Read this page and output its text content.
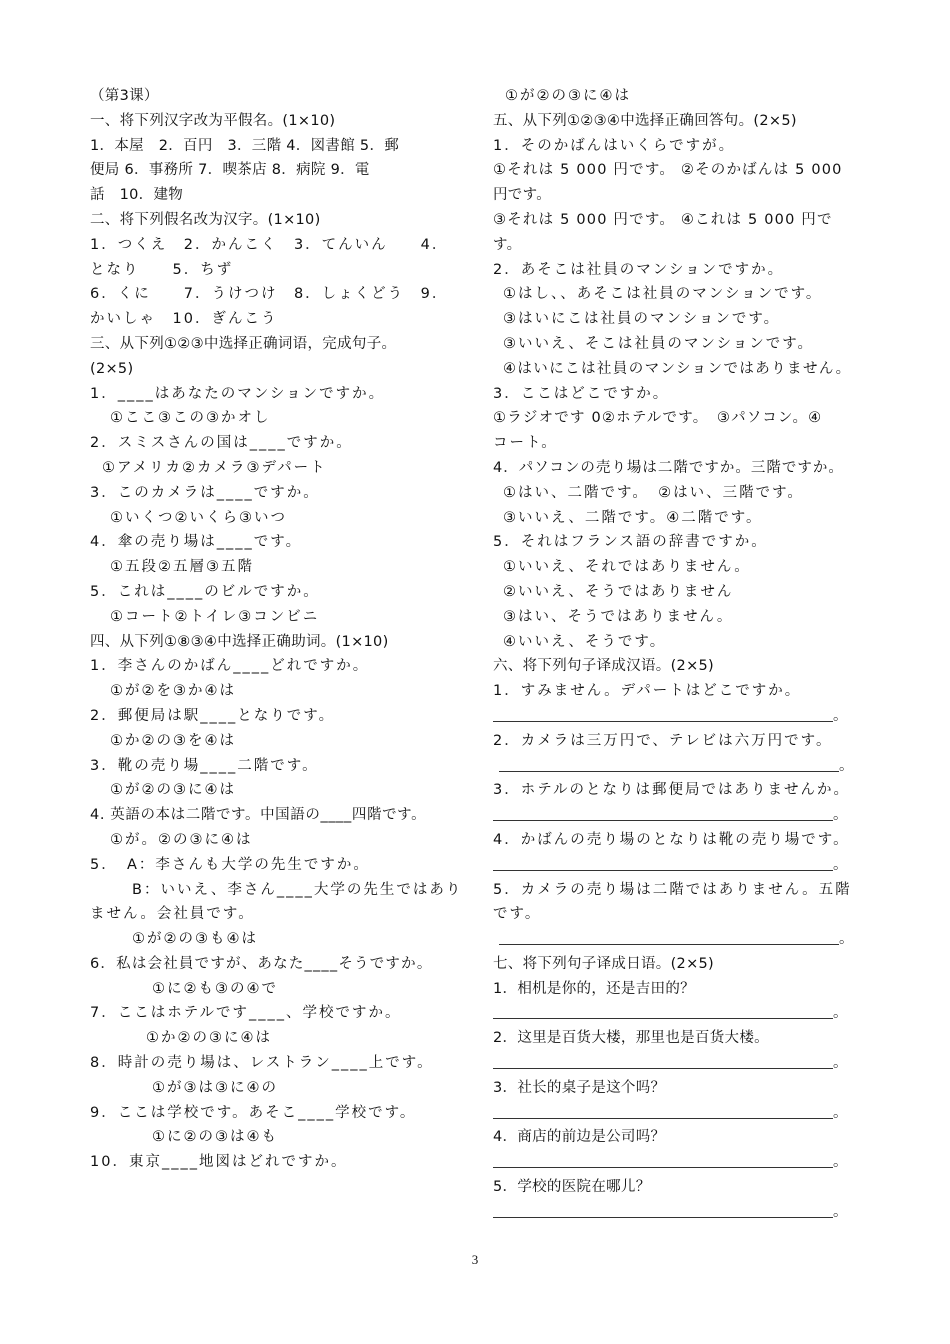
（第3课）
一、将下列汉字改为平假名。(1×10)
1．本屋　2．百円　3．三階 4．図書館 5．郵
便局 6．事務所 7．喫茶店 8．病院 9．電
話　10．建物
二、将下列假名改为汉字。(1×10)
1．つくえ　2．かんこく　3．てんいん　　4．
となり　　5．ちず
6．くに　　7．うけつけ　8．しょくどう　9．
かいしゃ　10．ぎんこう
三、从下列①②③中选择正确词语，完成句子。
(2×5)
1．____はあなたのマンションですか。
①ここ③この③かオし
2．スミスさんの国は____ですか。
①アメリカ②カメラ③デパート
3．このカメラは____ですか。
①いくつ②いくら③いつ
4．傘の売り場は____です。
①五段②五層③五階
5．これは____のビルですか。
①コート②トイレ③コンビニ
四、从下列①⑧③④中选择正确助词。(1×10)
1．李さんのかばん____どれですか。
①が②を③か④は
2．郵便局は駅____となりです。
①か②の③を④は
3．靴の売り場____二階です。
①が②の③に④は
4. 英語の本は二階です。中国語の____四階です。
①が。②の③に④は
5．　A：李さんも大学の先生ですか。
B：いいえ、李さん____大学の先生ではあり
ません。会社員です。
①が②の③も④は
6．私は会社員ですが、あなた____そうですか。
①に②も③の④で
7．ここはホテルです____、学校ですか。
①か②の③に④は
8．時計の売り場は、レストラン____上です。
①が③は③に④の
9．ここは学校です。あそこ____学校です。
①に②の③は④も
10．東京____地図はどれですか。
①が②の③に④は
五、从下列①②③④中选择正确回答句。(2×5)
1．そのかばんはいくらですが。
①それは 5 000 円です。 ②そのかばんは 5 000
円です。
③それは 5 000 円です。 ④これは 5 000 円で
す。
2．あそこは社員のマンションですか。
①はし、、あそこは社員のマンションです。
③はいにこは社員のマンションです。
③いいえ、そこは社員のマンションです。
④はいにこは社員のマンションではありません。
3．ここはどこですか。
①ラジオです 0②ホテルです。　③パソコン。④
コート。
4．パソコンの売り場は二階ですか。三階ですか。
①はい、二階です。　②はい、三階です。
③いいえ、二階です。④二階です。
5．それはフランス語の辞書ですか。
①いいえ、それではありません。
②いいえ、そうではありません
③はい、そうではありません。
④いいえ、そうです。
六、将下列句子译成汉语。(2×5)
1．すみません。デパートはどこですか。
。
2．カメラは三万円で、テレビは六万円です。
。
3．ホテルのとなりは郵便局ではありませんか。
。
4．かばんの売り場のとなりは靴の売り場です。
。
5．カメラの売り場は二階ではありません。五階
です。
。
七、将下列句子译成日语。(2×5)
1．相机是你的，还是吉田的？
。
2．这里是百货大楼，那里也是百货大楼。
。
3．社长的桌子是这个吗？
。
4．商店的前边是公司吗？
。
5．学校的医院在哪儿？
。
3
